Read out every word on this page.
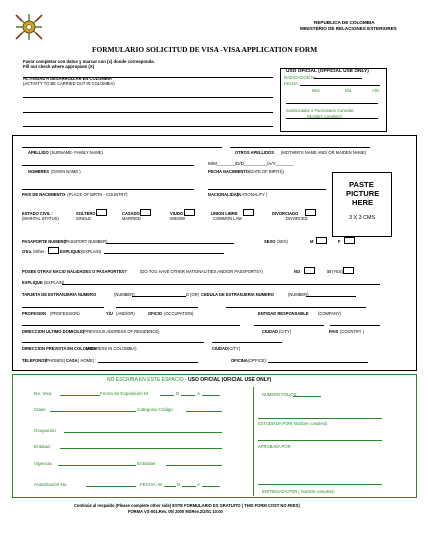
REPUBLICA DE COLOMBIA
MINISTERIO DE RELACIONES EXTERIORES
FORMULARIO SOLICITUD DE VISA -VISA APPLICATION FORM
Favor completar con datos y marcar con (x) donde corresponda.
Fill out check where appropiate (X)
ACTIVIDAD A DESARROLLAR EN COLOMBIA
(ACTIVITY TO BE CARRIED OUT IN COLOMBIA)
USO OFICIAL (OFFICIAL USE ONLY)
RADICACION No.
FECHA:
Mes	Dia	Año
Sustanciador o Funcionario Consular:
(Nombre completo)
APELLIDO (SURNAME- FAMILY NAME)	OTROS APELLIDOS (MOTHER'S NAME AND/ OR MAIDEN NAME)
M/M_______/D/D_________/A/Y_______
NOMBRES (GIVEN NAME )	FECHA NACIMIENTO (DATE OF BIRTH))
PAIS DE NACIMIENTO
– (PLACE OF BIRTH - COUNTRY)	NACIONALIDAD
(NATIONALITY )
PASTE
PICTURE
HERE
3 X 3 CMS
ESTADO CIVIL :
(MARITAL STATUS)
SOLTERO
SINGLE
CASADO
MARRIED
VIUDO
WIDOW
UNION LIBRE
COMMON LAW
DIVORCIADO
DIVORCED
PASAPORTE NUMERO
(PASSPORT NUMBER)	SEXO (SEX)	M	F
Otra /Other	EXPLIQUE (EXPLAIN)
POSEE OTRAS NACIO NALIDADES O PASAPORTES?	(DO YOU HAVE OTHER NATIONALITIES AND/OR PASSPORTS?)	NO	SI (YES)
EXPLIQUE (EXPLAIN)
TARJETA DE EXTRANJERIA NUMERO	(NUMBER)	D (OR) CEDULA DE EXTRANJERIA NUMERO	(NUMBER)
PROFESION (PROFESSION)	Y/U (AND/OR)	OFICIO (OCCUPATION)	ENTIDAD RESPONSABLE (COMPANY)
DIRECCION ULTIMO DOMICILIO
(PREVIOUS ADDRESS OF RESIDENCE)	CIUDAD (CITY)	PAIS (COUNTRY )
DIRECCION PREVISTA EN COLOMBIA
(ADDRESS IN COLOMBIA)	CIUDAD (CITY)
TELEFONOS
(PHONES) CASA ( HOME) :	OFICINA (OFFICE):
NO ESCRIBA EN ESTE ESPACIO - USO OFICIAL (OFICIAL USE ONLY)
No. Visa	Fecha de Expedición M	D	A
Clase	Categoria Código
Ocupación
Entidad:
Vigencia	Entradas
Autorización No.	FECHA: M	D	A
NUMERO FOLIOS:
ESTUDIADA POR( Nombre completo)
APROBADA POR
ENTREGADA POR ( Nombre completo)
Continúe al respaldo (Please complete other side) ESTE FORMULARIO ES GRATUITO ( THIS FORM COST NO FEES)
FORMA VS-001.Rev. 05/ 2000 MSRev.2/2/01 10:00
